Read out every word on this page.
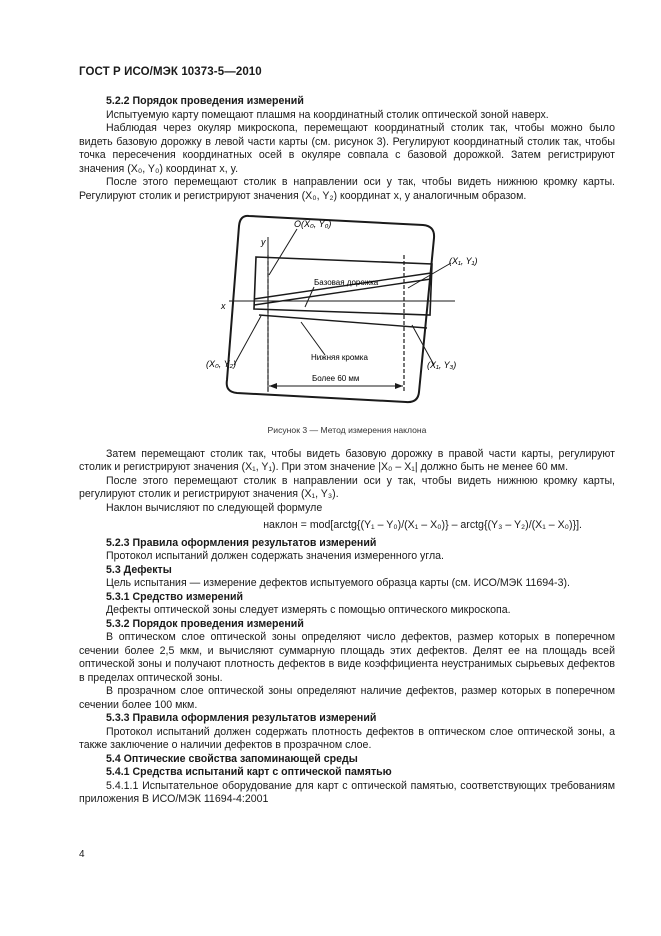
ГОСТ Р ИСО/МЭК 10373-5—2010

5.2.2 Порядок проведения измерений

Испытуемую карту помещают плашмя на координатный столик оптической зоной наверх.

Наблюдая через окуляр микроскопа, перемещают координатный столик так, чтобы можно было видеть базовую дорожку в левой части карты (см. рисунок 3). Регулируют координатный столик так, чтобы точка пересечения координатных осей в окуляре совпала с базовой дорожкой. Затем регистрируют значения (X₀, Y₀) координат x, y.

После этого перемещают столик в направлении оси y так, чтобы видеть нижнюю кромку карты. Регулируют столик и регистрируют значения (X₀, Y₂) координат x, y аналогичным образом.

O(X₀, Y₀)
y
x
(X₁, Y₁)
Базовая дорожка
(X₀, Y₂)
Нижняя кромка
(X₁, Y₃)
Более 60 мм

Рисунок 3 — Метод измерения наклона

Затем перемещают столик так, чтобы видеть базовую дорожку в правой части карты, регулируют столик и регистрируют значения (X₁, Y₁). При этом значение |X₀ – X₁| должно быть не менее 60 мм.

После этого перемещают столик в направлении оси y так, чтобы видеть нижнюю кромку карты, регулируют столик и регистрируют значения (X₁, Y₃).

Наклон вычисляют по следующей формуле

наклон = mod[arctg{(Y₁ – Y₀)/(X₁ – X₀)} – arctg{(Y₃ – Y₂)/(X₁ – X₀)}].

5.2.3 Правила оформления результатов измерений

Протокол испытаний должен содержать значения измеренного угла.

5.3 Дефекты

Цель испытания — измерение дефектов испытуемого образца карты (см. ИСО/МЭК 11694-3).

5.3.1 Средство измерений

Дефекты оптической зоны следует измерять с помощью оптического микроскопа.

5.3.2 Порядок проведения измерений

В оптическом слое оптической зоны определяют число дефектов, размер которых в поперечном сечении более 2,5 мкм, и вычисляют суммарную площадь этих дефектов. Делят ее на площадь всей оптической зоны и получают плотность дефектов в виде коэффициента неустранимых сырьевых дефектов в пределах оптической зоны.

В прозрачном слое оптической зоны определяют наличие дефектов, размер которых в поперечном сечении более 100 мкм.

5.3.3 Правила оформления результатов измерений

Протокол испытаний должен содержать плотность дефектов в оптическом слое оптической зоны, а также заключение о наличии дефектов в прозрачном слое.

5.4 Оптические свойства запоминающей среды

5.4.1 Средства испытаний карт с оптической памятью

5.4.1.1 Испытательное оборудование для карт с оптической памятью, соответствующих требованиям приложения В ИСО/МЭК 11694-4:2001

4
